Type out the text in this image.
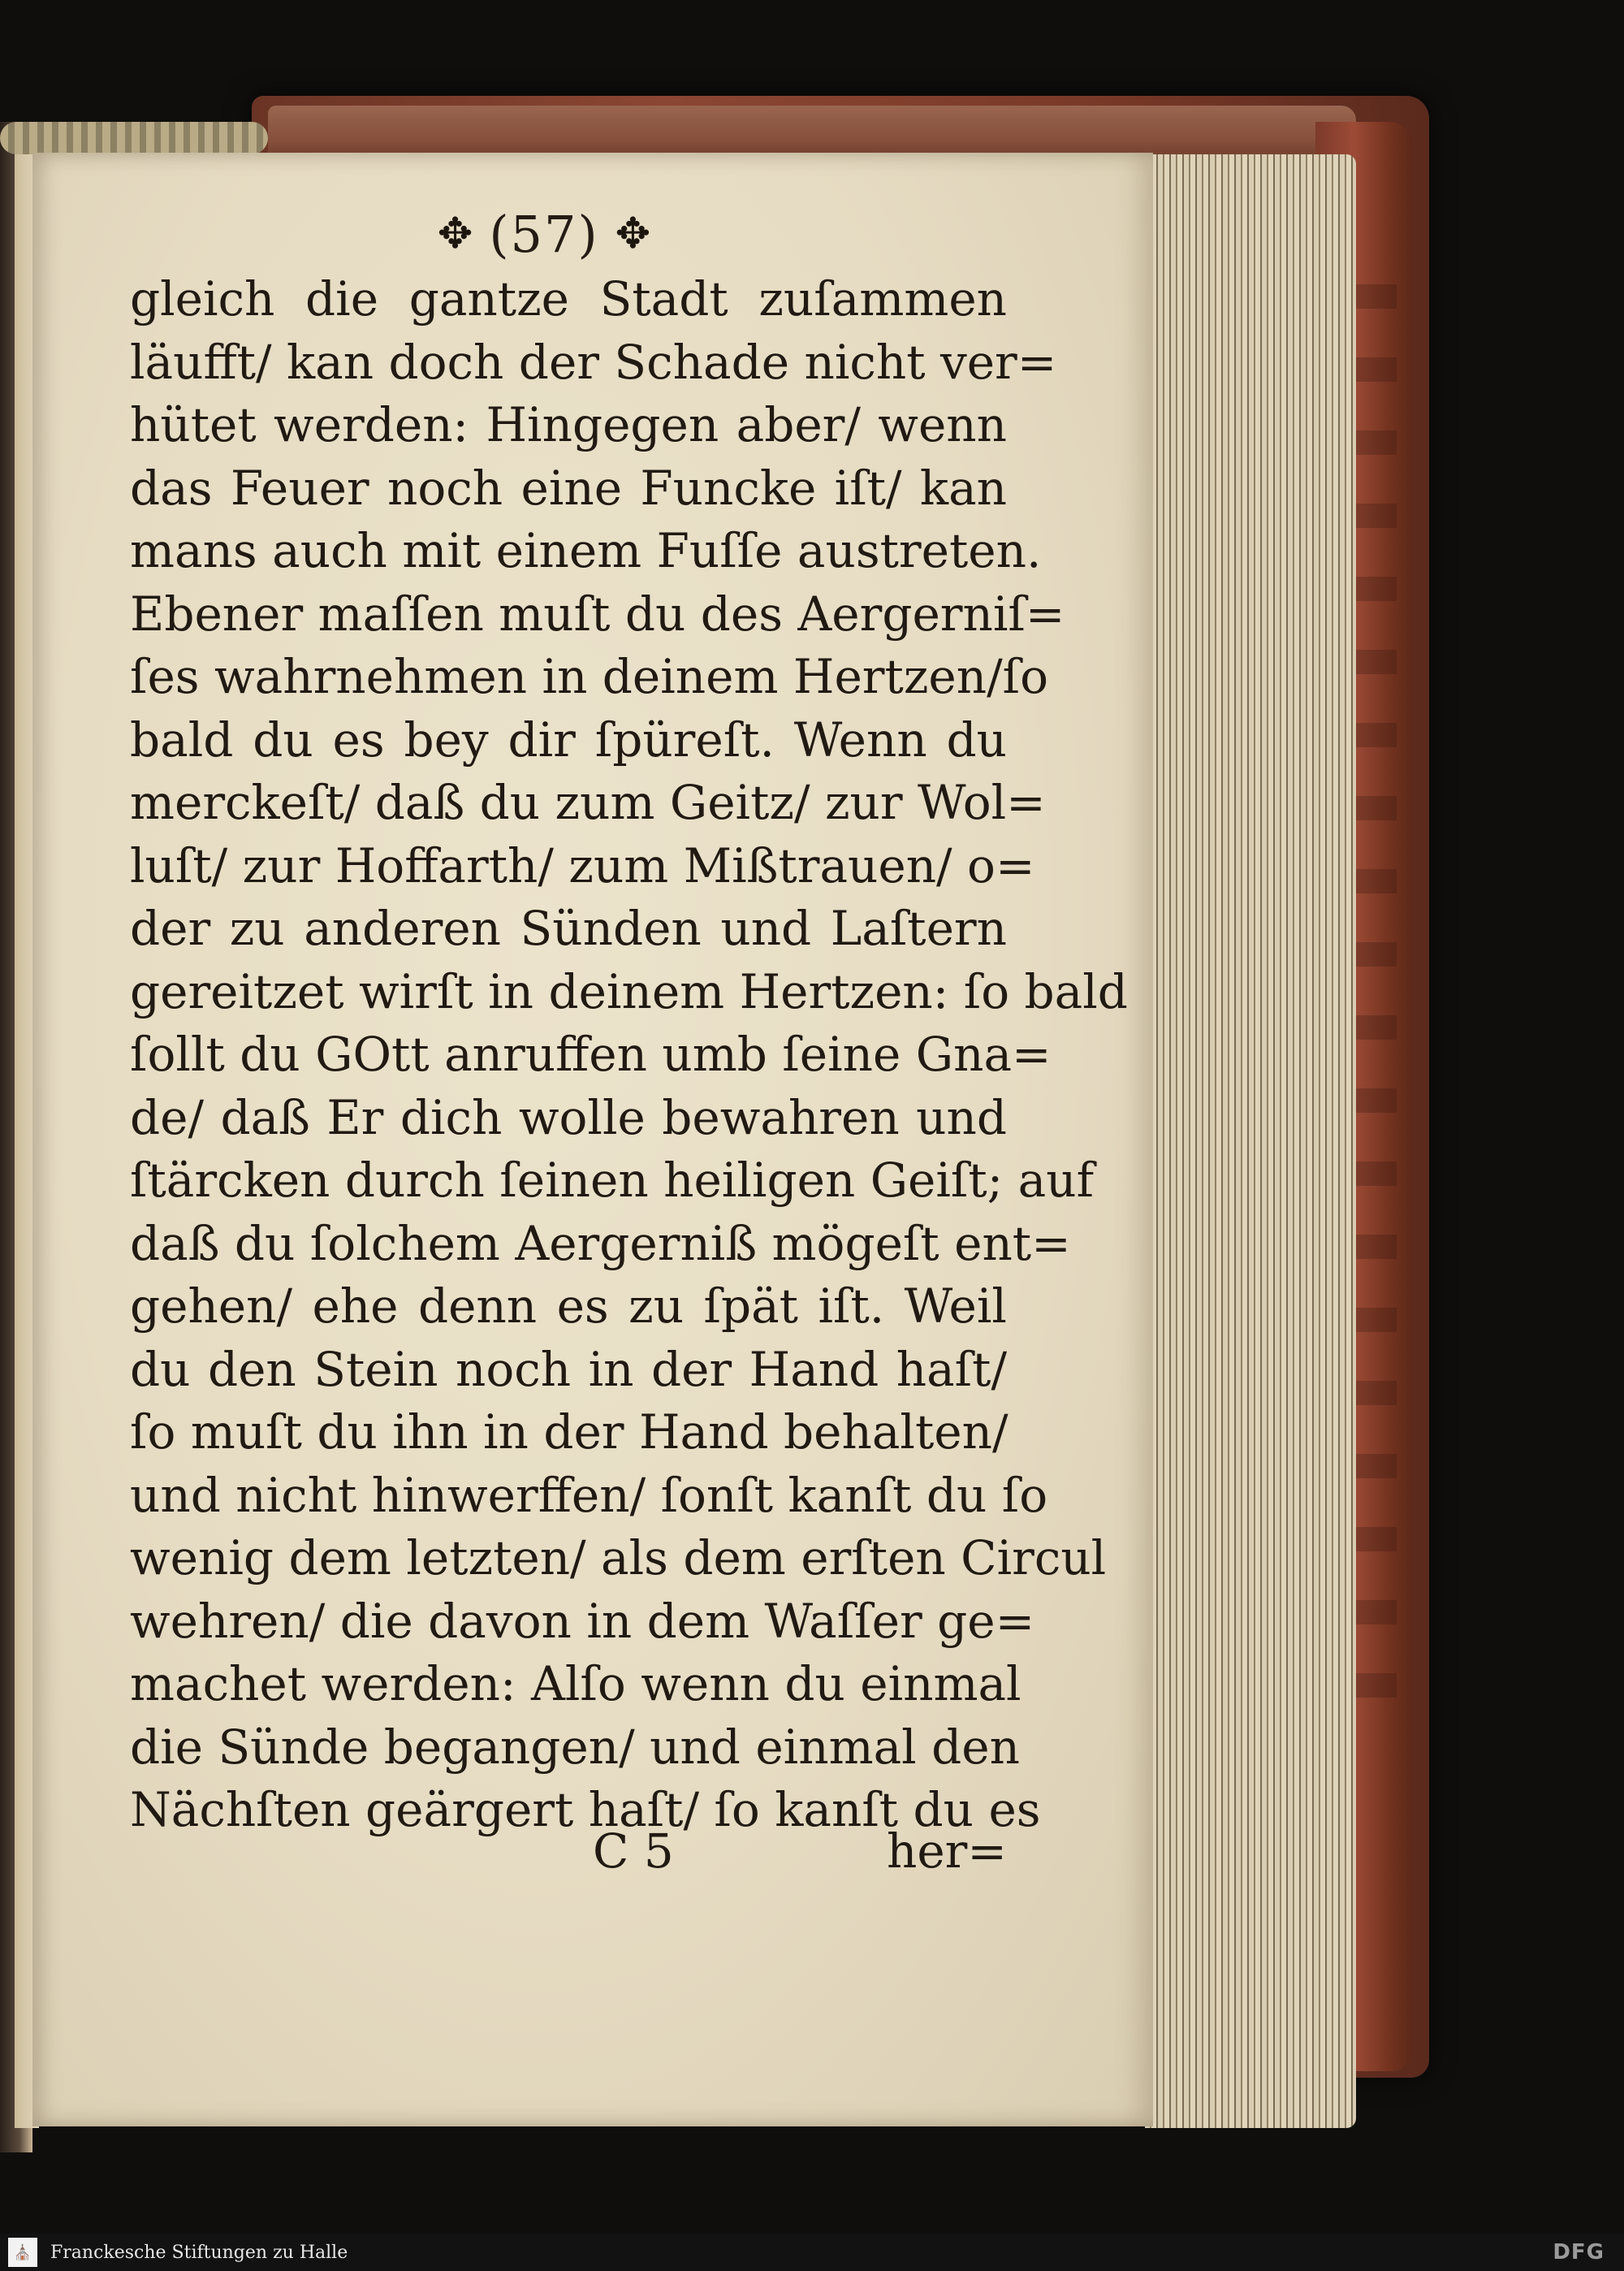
✥ (57) ✥
gleich die gantze Stadt zuſammen
läufft/ kan doch der Schade nicht ver=
hütet werden: Hingegen aber/ wenn
das Feuer noch eine Funcke iſt/ kan
mans auch mit einem Fuſſe austreten.
Ebener maſſen muſt du des Aergerniſ=
ſes wahrnehmen in deinem Hertzen/ſo
bald du es bey dir ſpüreſt. Wenn du
merckeſt/ daß du zum Geitz/ zur Wol=
luſt/ zur Hoffarth/ zum Mißtrauen/ o=
der zu anderen Sünden und Laſtern
gereitzet wirſt in deinem Hertzen: ſo bald
ſollt du GOtt anruffen umb ſeine Gna=
de/ daß Er dich wolle bewahren und
ſtärcken durch ſeinen heiligen Geiſt; auf
daß du ſolchem Aergerniß mögeſt ent=
gehen/ ehe denn es zu ſpät iſt. Weil
du den Stein noch in der Hand haſt/
ſo muſt du ihn in der Hand behalten/
und nicht hinwerffen/ ſonſt kanſt du ſo
wenig dem letzten/ als dem erſten Circul
wehren/ die davon in dem Waſſer ge=
machet werden: Alſo wenn du einmal
die Sünde begangen/ und einmal den
Nächſten geärgert haſt/ ſo kanſt du es
C 5	her=
⛪	Franckesche Stiftungen zu Halle	DFG
